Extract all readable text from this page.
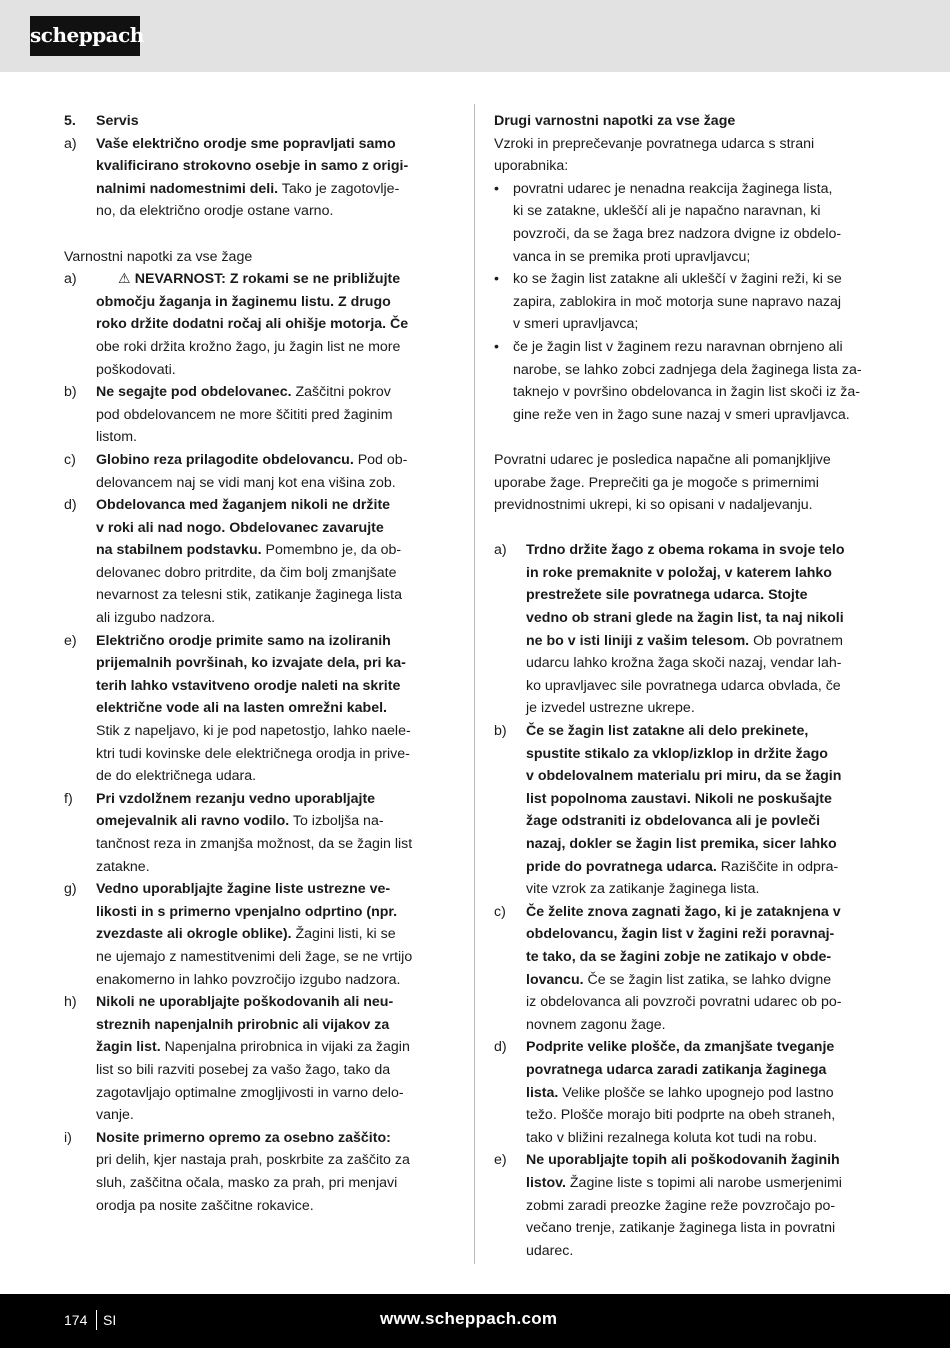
scheppach
5.	Servis
a)	Vaše električno orodje sme popravljati samo
kvalificirano strokovno osebje in samo z origi-
nalnimi nadomestnimi deli. Tako je zagotovlje-
no, da električno orodje ostane varno.
Varnostni napotki za vse žage
a)	⚠ NEVARNOST: Z rokami se ne približujte
območju žaganja in žaginemu listu. Z drugo
roko držite dodatni ročaj ali ohišje motorja. Če
obe roki držita krožno žago, ju žagin list ne more
poškodovati.
b)	Ne segajte pod obdelovanec. Zaščitni pokrov
pod obdelovancem ne more ščititi pred žaginim
listom.
c)	Globino reza prilagodite obdelovancu. Pod ob-
delovancem naj se vidi manj kot ena višina zob.
d)	Obdelovanca med žaganjem nikoli ne držite
v roki ali nad nogo. Obdelovanec zavarujte
na stabilnem podstavku. Pomembno je, da ob-
delovanec dobro pritrdite, da čim bolj zmanjšate
nevarnost za telesni stik, zatikanje žaginega lista
ali izgubo nadzora.
e)	Električno orodje primite samo na izoliranih
prijemalnih površinah, ko izvajate dela, pri ka-
terih lahko vstavitveno orodje naleti na skrite
električne vode ali na lasten omrežni kabel.
Stik z napeljavo, ki je pod napetostjo, lahko naele-
ktri tudi kovinske dele električnega orodja in prive-
de do električnega udara.
f)	Pri vzdolžnem rezanju vedno uporabljajte
omejevalnik ali ravno vodilo. To izboljša na-
tančnost reza in zmanjša možnost, da se žagin list
zatakne.
g)	Vedno uporabljajte žagine liste ustrezne ve-
likosti in s primerno vpenjalno odprtino (npr.
zvezdaste ali okrogle oblike). Žagini listi, ki se
ne ujemajo z namestitvenimi deli žage, se ne vrtijo
enakomerno in lahko povzročijo izgubo nadzora.
h)	Nikoli ne uporabljajte poškodovanih ali neu-
streznih napenjalnih prirobnic ali vijakov za
žagin list. Napenjalna prirobnica in vijaki za žagin
list so bili razviti posebej za vašo žago, tako da
zagotavljajo optimalne zmogljivosti in varno delo-
vanje.
i)	Nosite primerno opremo za osebno zaščito:
pri delih, kjer nastaja prah, poskrbite za zaščito za
sluh, zaščitna očala, masko za prah, pri menjavi
orodja pa nosite zaščitne rokavice.
Drugi varnostni napotki za vse žage
Vzroki in preprečevanje povratnega udarca s strani
uporabnika:
• povratni udarec je nenadna reakcija žaginega lista,
ki se zatakne, ukleščí ali je napačno naravnan, ki
povzroči, da se žaga brez nadzora dvigne iz obdelo-
vanca in se premika proti upravljavcu;
• ko se žagin list zatakne ali ukleščí v žagini reži, ki se
zapira, zablokira in moč motorja sune napravo nazaj
v smeri upravljavca;
• če je žagin list v žaginem rezu naravnan obrnjeno ali
narobe, se lahko zobci zadnjega dela žaginega lista za-
taknejo v površino obdelovanca in žagin list skoči iz ža-
gine reže ven in žago sune nazaj v smeri upravljavca.
Povratni udarec je posledica napačne ali pomanjkljive
uporabe žage. Preprečiti ga je mogoče s primernimi
previdnostnimi ukrepi, ki so opisani v nadaljevanju.
a)	Trdno držite žago z obema rokama in svoje telo
in roke premaknite v položaj, v katerem lahko
prestrežete sile povratnega udarca. Stojte
vedno ob strani glede na žagin list, ta naj nikoli
ne bo v isti liniji z vašim telesom. Ob povratnem
udarcu lahko krožna žaga skoči nazaj, vendar lah-
ko upravljavec sile povratnega udarca obvlada, če
je izvedel ustrezne ukrepe.
b)	Če se žagin list zatakne ali delo prekinete,
spustite stikalo za vklop/izklop in držite žago
v obdelovalnem materialu pri miru, da se žagin
list popolnoma zaustavi. Nikoli ne poskušajte
žage odstraniti iz obdelovanca ali je povleči
nazaj, dokler se žagin list premika, sicer lahko
pride do povratnega udarca. Raziščite in odpra-
vite vzrok za zatikanje žaginega lista.
c)	Če želite znova zagnati žago, ki je zataknjena v
obdelovancu, žagin list v žagini reži poravnaj-
te tako, da se žagini zobje ne zatikajo v obde-
lovancu. Če se žagin list zatika, se lahko dvigne
iz obdelovanca ali povzroči povratni udarec ob po-
novnem zagonu žage.
d)	Podprite velike plošče, da zmanjšate tveganje
povratnega udarca zaradi zatikanja žaginega
lista. Velike plošče se lahko upognejo pod lastno
težo. Plošče morajo biti podprte na obeh straneh,
tako v bližini rezalnega koluta kot tudi na robu.
e)	Ne uporabljajte topih ali poškodovanih žaginih
listov. Žagine liste s topimi ali narobe usmerjenimi
zobmi zaradi preozke žagine reže povzročajo po-
večano trenje, zatikanje žaginega lista in povratni
udarec.
174 SI	www.scheppach.com
